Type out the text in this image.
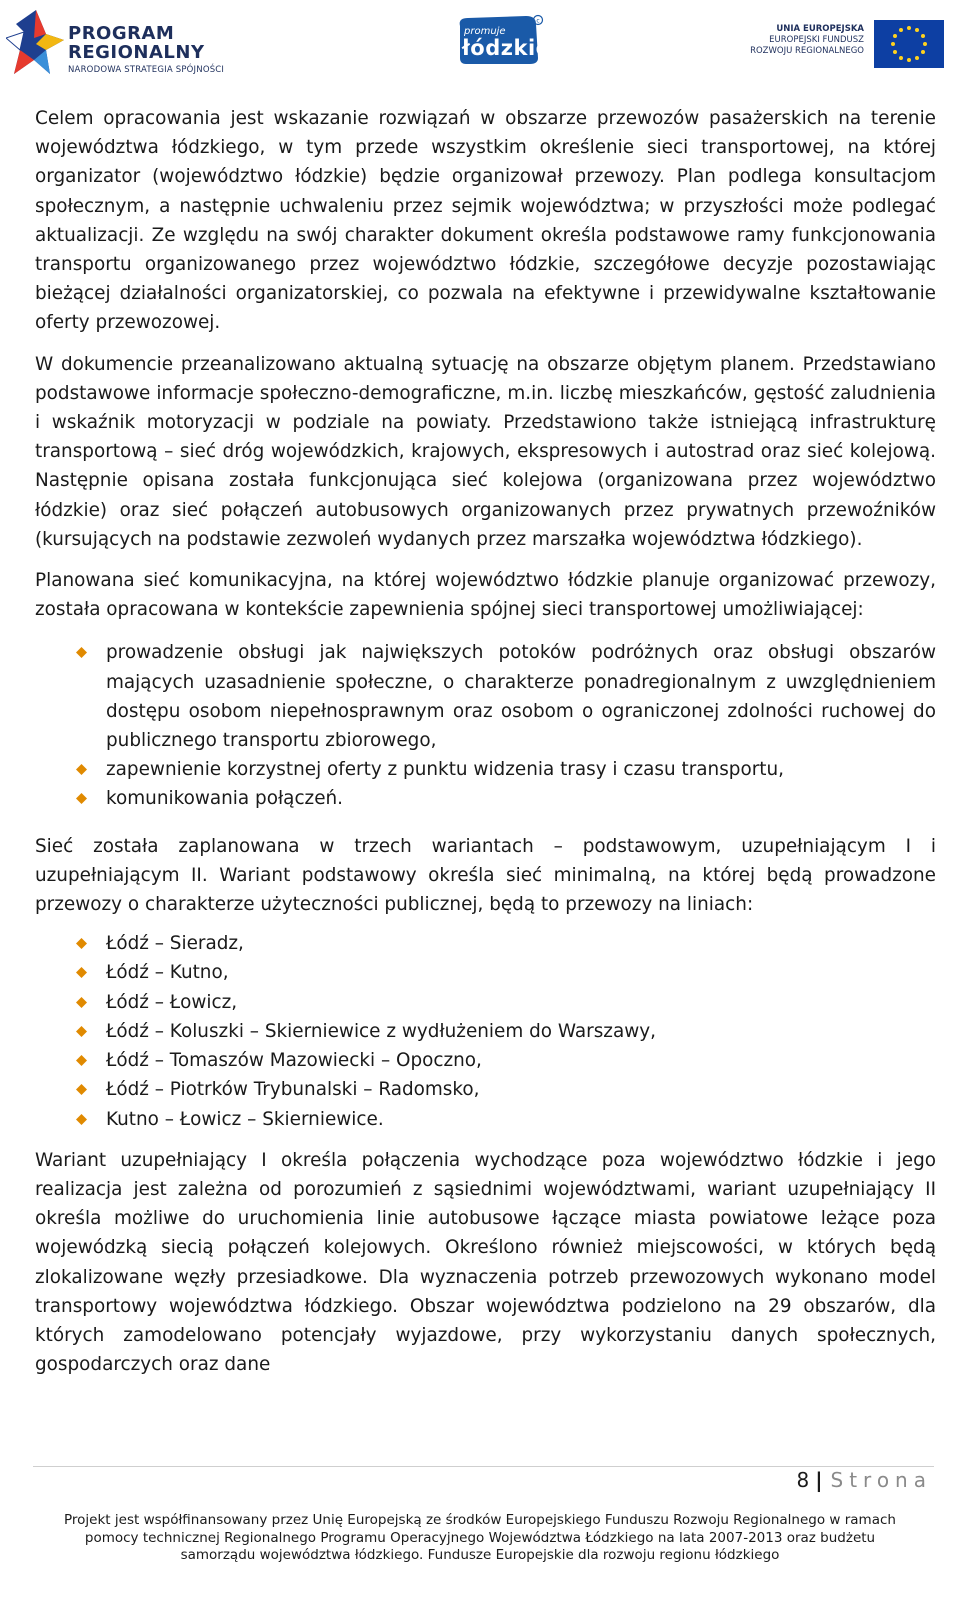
PROGRAM
REGIONALNY
NARODOWA STRATEGIA SPÓJNOŚCI
c
promuje
łódzkie
UNIA EUROPEJSKA
EUROPEJSKI FUNDUSZ
ROZWOJU REGIONALNEGO

Celem opracowania jest wskazanie rozwiązań w obszarze przewozów pasażerskich na terenie województwa łódzkiego, w tym przede wszystkim określenie sieci transportowej, na której organizator (województwo łódzkie) będzie organizował przewozy. Plan podlega konsultacjom społecznym, a następnie uchwaleniu przez sejmik województwa; w przyszłości może podlegać aktualizacji. Ze względu na swój charakter dokument określa podstawowe ramy funkcjonowania transportu organizowanego przez województwo łódzkie, szczegółowe decyzje pozostawiając bieżącej działalności organizatorskiej, co pozwala na efektywne i przewidywalne kształtowanie oferty przewozowej.

W dokumencie przeanalizowano aktualną sytuację na obszarze objętym planem. Przedstawiano podstawowe informacje społeczno-demograficzne, m.in. liczbę mieszkańców, gęstość zaludnienia i wskaźnik motoryzacji w podziale na powiaty. Przedstawiono także istniejącą infrastrukturę transportową – sieć dróg wojewódzkich, krajowych, ekspresowych i autostrad oraz sieć kolejową. Następnie opisana została funkcjonująca sieć kolejowa (organizowana przez województwo łódzkie) oraz sieć połączeń autobusowych organizowanych przez prywatnych przewoźników (kursujących na podstawie zezwoleń wydanych przez marszałka województwa łódzkiego).

Planowana sieć komunikacyjna, na której województwo łódzkie planuje organizować przewozy, została opracowana w kontekście zapewnienia spójnej sieci transportowej umożliwiającej:

prowadzenie obsługi jak największych potoków podróżnych oraz obsługi obszarów mających uzasadnienie społeczne, o charakterze ponadregionalnym z uwzględnieniem dostępu osobom niepełnosprawnym oraz osobom o ograniczonej zdolności ruchowej do publicznego transportu zbiorowego,
zapewnienie korzystnej oferty z punktu widzenia trasy i czasu transportu,
komunikowania połączeń.

Sieć została zaplanowana w trzech wariantach – podstawowym, uzupełniającym I i uzupełniającym II. Wariant podstawowy określa sieć minimalną, na której będą prowadzone przewozy o charakterze użyteczności publicznej, będą to przewozy na liniach:

Łódź – Sieradz,
Łódź – Kutno,
Łódź – Łowicz,
Łódź – Koluszki – Skierniewice z wydłużeniem do Warszawy,
Łódź – Tomaszów Mazowiecki – Opoczno,
Łódź – Piotrków Trybunalski – Radomsko,
Kutno – Łowicz – Skierniewice.

Wariant uzupełniający I określa połączenia wychodzące poza województwo łódzkie i jego realizacja jest zależna od porozumień z sąsiednimi województwami, wariant uzupełniający II określa możliwe do uruchomienia linie autobusowe łączące miasta powiatowe leżące poza wojewódzką siecią połączeń kolejowych. Określono również miejscowości, w których będą zlokalizowane węzły przesiadkowe. Dla wyznaczenia potrzeb przewozowych wykonano model transportowy województwa łódzkiego. Obszar województwa podzielono na 29 obszarów, dla których zamodelowano potencjały wyjazdowe, przy wykorzystaniu danych społecznych, gospodarczych oraz dane

8 | Strona
Projekt jest współfinansowany przez Unię Europejską ze środków Europejskiego Funduszu Rozwoju Regionalnego w ramach
pomocy technicznej Regionalnego Programu Operacyjnego Województwa Łódzkiego na lata 2007-2013 oraz budżetu
samorządu województwa łódzkiego. Fundusze Europejskie dla rozwoju regionu łódzkiego
